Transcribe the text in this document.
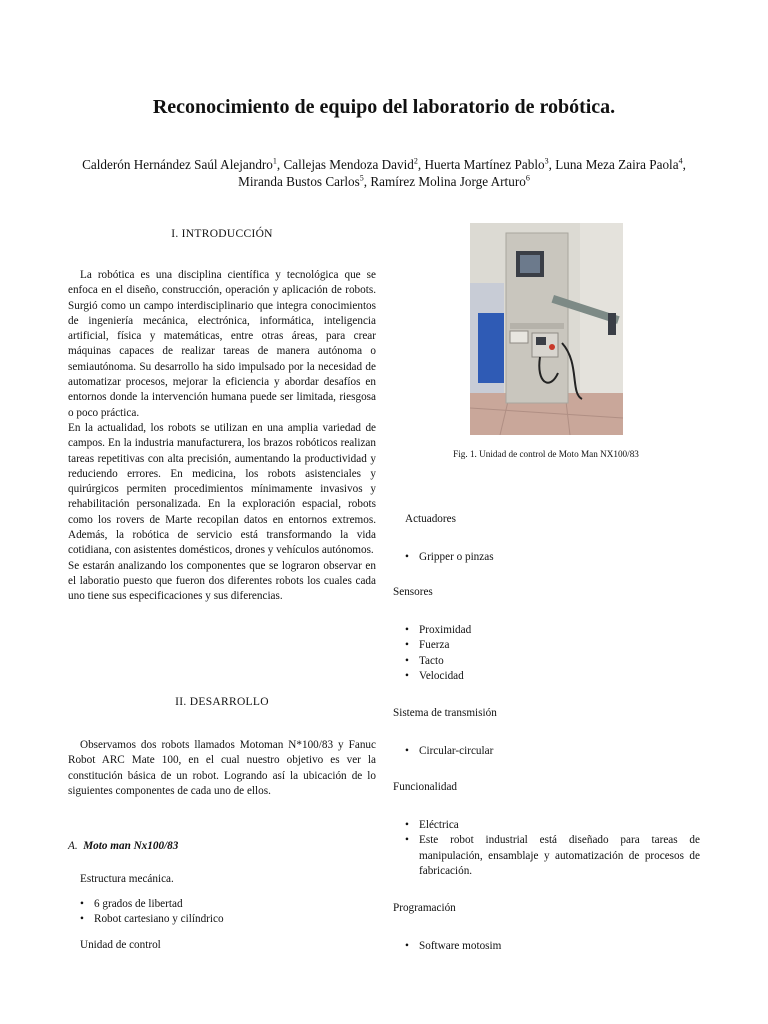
Reconocimiento de equipo del laboratorio de robótica.
Calderón Hernández Saúl Alejandro$^1$, Callejas Mendoza David$^2$, Huerta Martínez Pablo$^3$, Luna Meza Zaira Paola$^4$,
Miranda Bustos Carlos$^5$, Ramírez Molina Jorge Arturo$^6$
I. INTRODUCCIÓN

La robótica es una disciplina científica y tecnológica que se enfoca en el diseño, construcción, operación y aplicación de robots. Surgió como un campo interdisciplinario que integra conocimientos de ingeniería mecánica, electrónica, informática, inteligencia artificial, física y matemáticas, entre otras áreas, para crear máquinas capaces de realizar tareas de manera autónoma o semiautónoma. Su desarrollo ha sido impulsado por la necesidad de automatizar procesos, mejorar la eficiencia y abordar desafíos en entornos donde la intervención humana puede ser limitada, riesgosa o poco práctica.

En la actualidad, los robots se utilizan en una amplia variedad de campos. En la industria manufacturera, los brazos robóticos realizan tareas repetitivas con alta precisión, aumentando la productividad y reduciendo errores. En medicina, los robots asistenciales y quirúrgicos permiten procedimientos mínimamente invasivos y rehabilitación personalizada. En la exploración espacial, robots como los rovers de Marte recopilan datos en entornos extremos. Además, la robótica de servicio está transformando la vida cotidiana, con asistentes domésticos, drones y vehículos autónomos.

Se estarán analizando los componentes que se lograron observar en el laboratio puesto que fueron dos diferentes robots los cuales cada uno tiene sus especificaciones y sus diferencias.

II. DESARROLLO

Observamos dos robots llamados Motoman N*100/83 y Fanuc Robot ARC Mate 100, en el cual nuestro objetivo es ver la constitución básica de un robot. Logrando así la ubicación de lo siguientes componentes de cada uno de ellos.

A. Moto man Nx100/83
Estructura mecánica.
• 6 grados de libertad
• Robot cartesiano y cilíndrico
Unidad de control
Fig. 1. Unidad de control de Moto Man NX100/83
Actuadores
• Gripper o pinzas
Sensores
• Proximidad
• Fuerza
• Tacto
• Velocidad
Sistema de transmisión
• Circular-circular
Funcionalidad
• Eléctrica
• Este robot industrial está diseñado para tareas de manipulación, ensamblaje y automatización de procesos de fabricación.
Programación
• Software motosim
